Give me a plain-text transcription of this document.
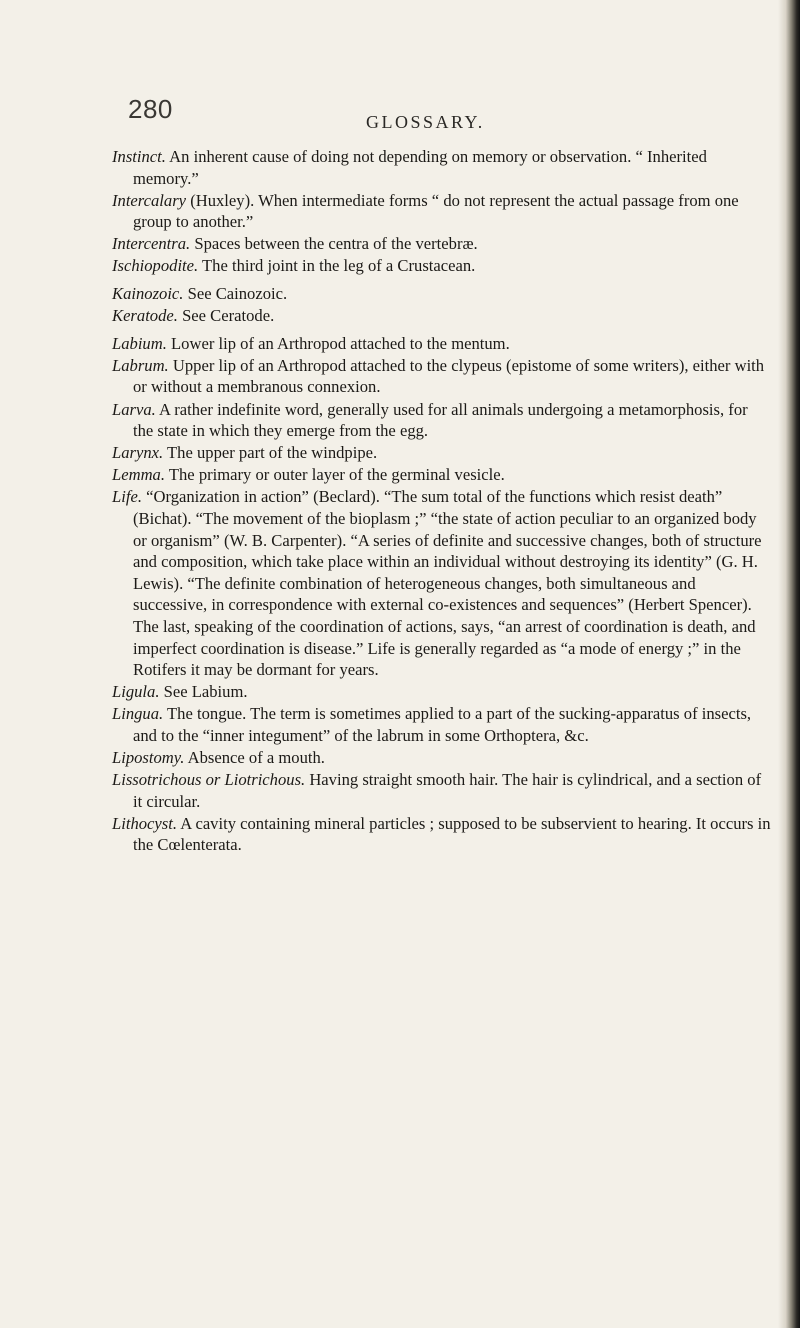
280	GLOSSARY.

Instinct. An inherent cause of doing not depending on memory or observation. “ Inherited memory.”

Intercalary (Huxley). When intermediate forms “ do not represent the actual passage from one group to another.”

Intercentra. Spaces between the centra of the vertebræ.

Ischiopodite. The third joint in the leg of a Crustacean.

Kainozoic. See Cainozoic.

Keratode. See Ceratode.

Labium. Lower lip of an Arthropod attached to the mentum.

Labrum. Upper lip of an Arthropod attached to the clypeus (epistome of some writers), either with or without a membranous connexion.

Larva. A rather indefinite word, generally used for all animals undergoing a metamorphosis, for the state in which they emerge from the egg.

Larynx. The upper part of the windpipe.

Lemma. The primary or outer layer of the germinal vesicle.

Life. “Organization in action” (Beclard). “The sum total of the functions which resist death” (Bichat). “The movement of the bioplasm ;” “the state of action peculiar to an organized body or organism” (W. B. Carpenter). “A series of definite and successive changes, both of structure and composition, which take place within an individual without destroying its identity” (G. H. Lewis). “The definite combination of heterogeneous changes, both simultaneous and successive, in correspondence with external co-existences and sequences” (Herbert Spencer). The last, speaking of the coordination of actions, says, “an arrest of coordination is death, and imperfect coordination is disease.” Life is generally regarded as “a mode of energy ;” in the Rotifers it may be dormant for years.

Ligula. See Labium.

Lingua. The tongue. The term is sometimes applied to a part of the sucking-apparatus of insects, and to the “inner integument” of the labrum in some Orthoptera, &c.

Lipostomy. Absence of a mouth.

Lissotrichous or Liotrichous. Having straight smooth hair. The hair is cylindrical, and a section of it circular.

Lithocyst. A cavity containing mineral particles ; supposed to be subservient to hearing. It occurs in the Cœlenterata.
